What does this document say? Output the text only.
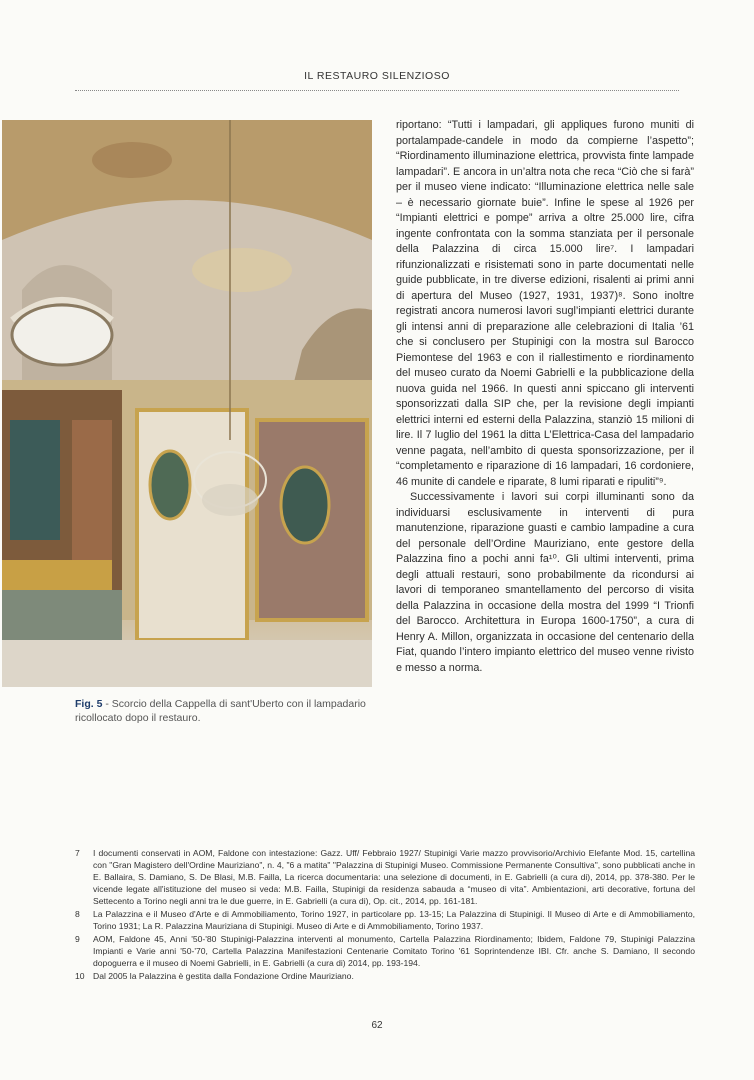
IL RESTAURO SILENZIOSO
Fig. 5 - Scorcio della Cappella di sant'Uberto con il lampadario ricollocato dopo il restauro.

riportano: “Tutti i lampadari, gli appliques furono muniti di portalampade-candele in modo da compierne l’aspetto”; “Riordinamento illuminazione elettrica, provvista finte lampade lampadari”. E ancora in un’altra nota che reca “Ciò che si farà” per il museo viene indicato: “Illuminazione elettrica nelle sale – è necessario giornate buie”. Infine le spese al 1926 per “Impianti elettrici e pompe” arriva a oltre 25.000 lire, cifra ingente confrontata con la somma stanziata per il personale della Palazzina di circa 15.000 lire⁷. I lampadari rifunzionalizzati e risistemati sono in parte documentati nelle guide pubblicate, in tre diverse edizioni, risalenti ai primi anni di apertura del Museo (1927, 1931, 1937)⁸. Sono inoltre registrati ancora numerosi lavori sugl’impianti elettrici durante gli intensi anni di preparazione alle celebrazioni di Italia ’61 che si conclusero per Stupinigi con la mostra sul Barocco Piemontese del 1963 e con il riallestimento e riordinamento del museo curato da Noemi Gabrielli e la pubblicazione della nuova guida nel 1966. In questi anni spiccano gli interventi sponsorizzati dalla SIP che, per la revisione degli impianti elettrici interni ed esterni della Palazzina, stanziò 15 milioni di lire. Il 7 luglio del 1961 la ditta L’Elettrica-Casa del lampadario venne pagata, nell’ambito di questa sponsorizzazione, per il “completamento e riparazione di 16 lampadari, 16 cordoniere, 46 munite di candele e riparate, 8 lumi riparati e ripuliti”⁹.

Successivamente i lavori sui corpi illuminanti sono da individuarsi esclusivamente in interventi di pura manutenzione, riparazione guasti e cambio lampadine a cura del personale dell’Ordine Mauriziano, ente gestore della Palazzina fino a pochi anni fa¹⁰. Gli ultimi interventi, prima degli attuali restauri, sono probabilmente da ricondursi ai lavori di temporaneo smantellamento del percorso di visita della Palazzina in occasione della mostra del 1999 “I Trionfi del Barocco. Architettura in Europa 1600-1750”, a cura di Henry A. Millon, organizzata in occasione del centenario della Fiat, quando l’intero impianto elettrico del museo venne rivisto e messo a norma.

7	I documenti conservati in AOM, Faldone con intestazione: Gazz. Uff/ Febbraio 1927/ Stupinigi Varie mazzo provvisorio/Archivio Elefante Mod. 15, cartellina con "Gran Magistero dell'Ordine Mauriziano", n. 4, "6 a matita" "Palazzina di Stupinigi Museo. Commissione Permanente Consultiva", sono pubblicati anche in E. Ballaira, S. Damiano, S. De Blasi, M.B. Failla, La ricerca documentaria: una selezione di documenti, in E. Gabrielli (a cura di), 2014, pp. 378-380. Per le vicende legate all'istituzione del museo si veda: M.B. Failla, Stupinigi da residenza sabauda a “museo di vita”. Ambientazioni, arti decorative, fortuna del Settecento a Torino negli anni tra le due guerre, in E. Gabrielli (a cura di), Op. cit., 2014, pp. 161-181.
8	La Palazzina e il Museo d'Arte e di Ammobiliamento, Torino 1927, in particolare pp. 13-15; La Palazzina di Stupinigi. Il Museo di Arte e di Ammobiliamento, Torino 1931; La R. Palazzina Mauriziana di Stupinigi. Museo di Arte e di Ammobiliamento, Torino 1937.
9	AOM, Faldone 45, Anni '50-'80 Stupinigi-Palazzina interventi al monumento, Cartella Palazzina Riordinamento; Ibidem, Faldone 79, Stupinigi Palazzina Impianti e Varie anni '50-'70, Cartella Palazzina Manifestazioni Centenarie Comitato Torino '61 Soprintendenze IBI. Cfr. anche S. Damiano, Il secondo dopoguerra e il museo di Noemi Gabrielli, in E. Gabrielli (a cura di) 2014, pp. 193-194.
10 Dal 2005 la Palazzina è gestita dalla Fondazione Ordine Mauriziano.
62
